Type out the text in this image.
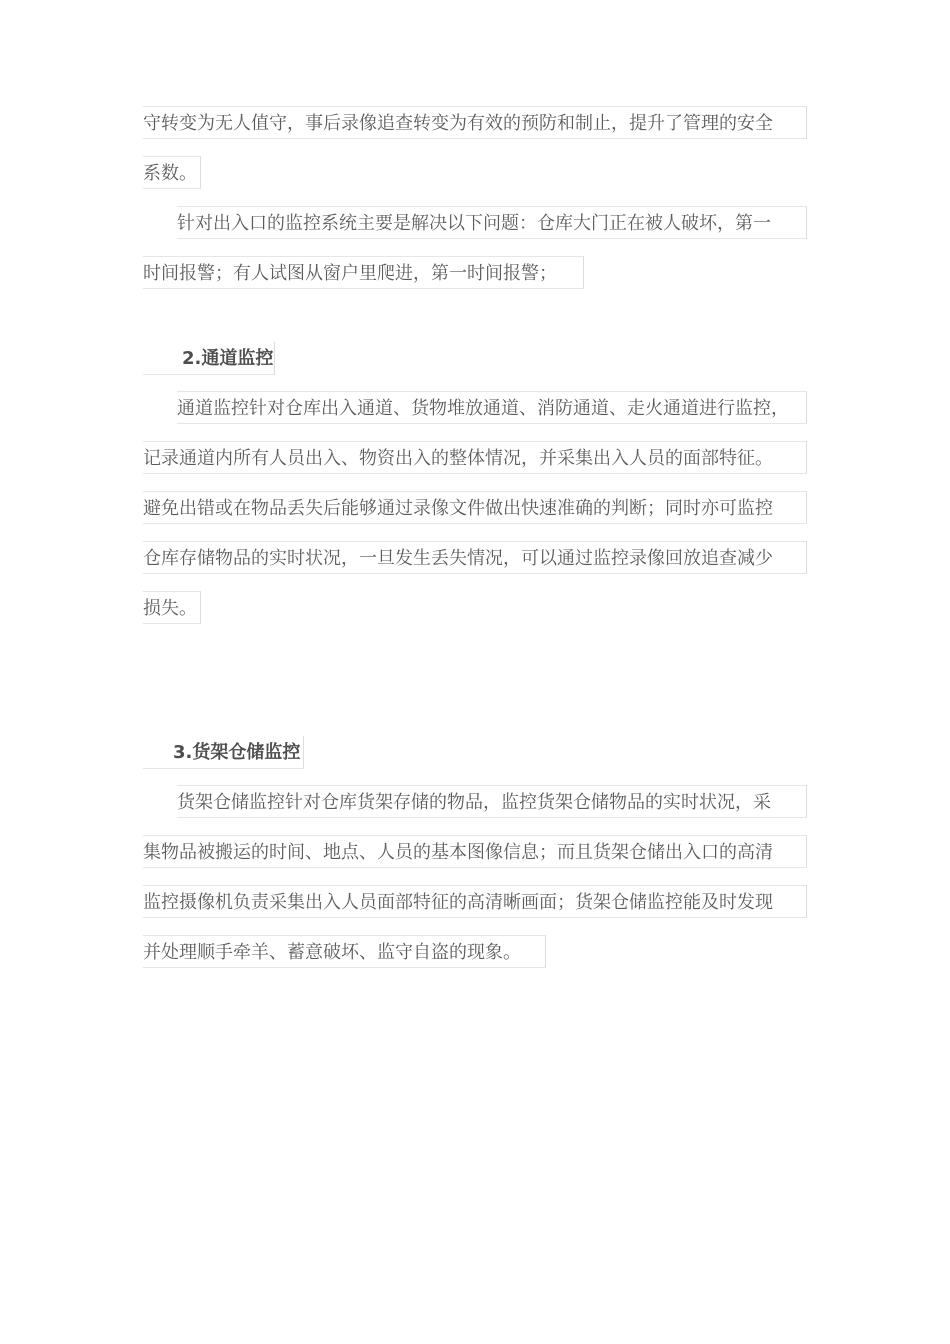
守转变为无人值守，事后录像追查转变为有效的预防和制止，提升了管理的安全
系数。
针对出入口的监控系统主要是解决以下问题：仓库大门正在被人破坏，第一
时间报警；有人试图从窗户里爬进，第一时间报警；
2.通道监控
通道监控针对仓库出入通道、货物堆放通道、消防通道、走火通道进行监控，
记录通道内所有人员出入、物资出入的整体情况，并采集出入人员的面部特征。
避免出错或在物品丢失后能够通过录像文件做出快速准确的判断；同时亦可监控
仓库存储物品的实时状况，一旦发生丢失情况，可以通过监控录像回放追查减少
损失。
3.货架仓储监控
货架仓储监控针对仓库货架存储的物品，监控货架仓储物品的实时状况，采
集物品被搬运的时间、地点、人员的基本图像信息；而且货架仓储出入口的高清
监控摄像机负责采集出入人员面部特征的高清晰画面；货架仓储监控能及时发现
并处理顺手牵羊、蓄意破坏、监守自盗的现象。
